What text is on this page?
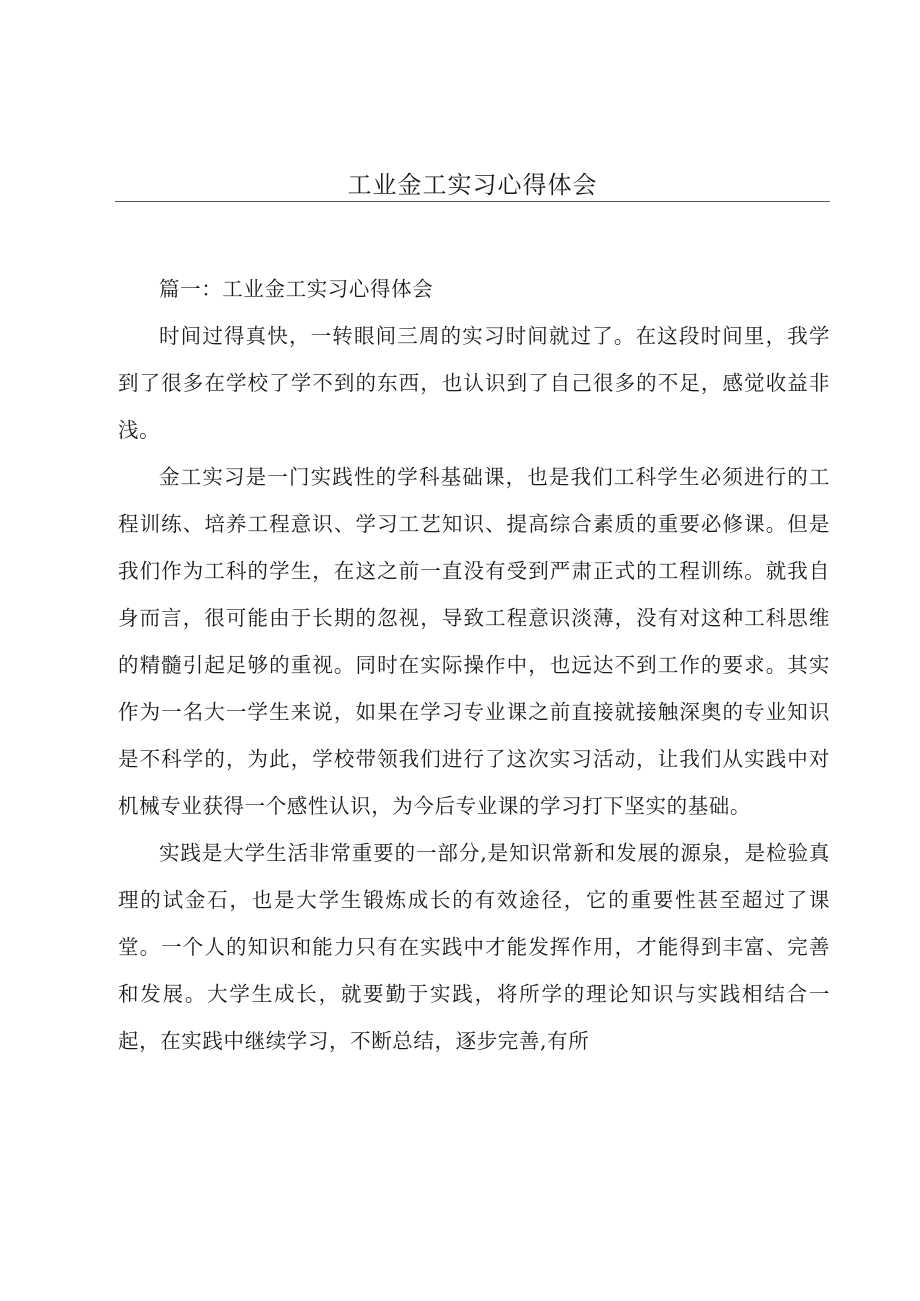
工业金工实习心得体会

篇一：工业金工实习心得体会

时间过得真快，一转眼间三周的实习时间就过了。在这段时间里，我学到了很多在学校了学不到的东西，也认识到了自己很多的不足，感觉收益非浅。

金工实习是一门实践性的学科基础课，也是我们工科学生必须进行的工程训练、培养工程意识、学习工艺知识、提高综合素质的重要必修课。但是我们作为工科的学生，在这之前一直没有受到严肃正式的工程训练。就我自身而言，很可能由于长期的忽视，导致工程意识淡薄，没有对这种工科思维的精髓引起足够的重视。同时在实际操作中，也远达不到工作的要求。其实作为一名大一学生来说，如果在学习专业课之前直接就接触深奥的专业知识是不科学的，为此，学校带领我们进行了这次实习活动，让我们从实践中对机械专业获得一个感性认识，为今后专业课的学习打下坚实的基础。

实践是大学生活非常重要的一部分,是知识常新和发展的源泉，是检验真理的试金石，也是大学生锻炼成长的有效途径，它的重要性甚至超过了课堂。一个人的知识和能力只有在实践中才能发挥作用，才能得到丰富、完善和发展。大学生成长，就要勤于实践，将所学的理论知识与实践相结合一起，在实践中继续学习，不断总结，逐步完善,有所
